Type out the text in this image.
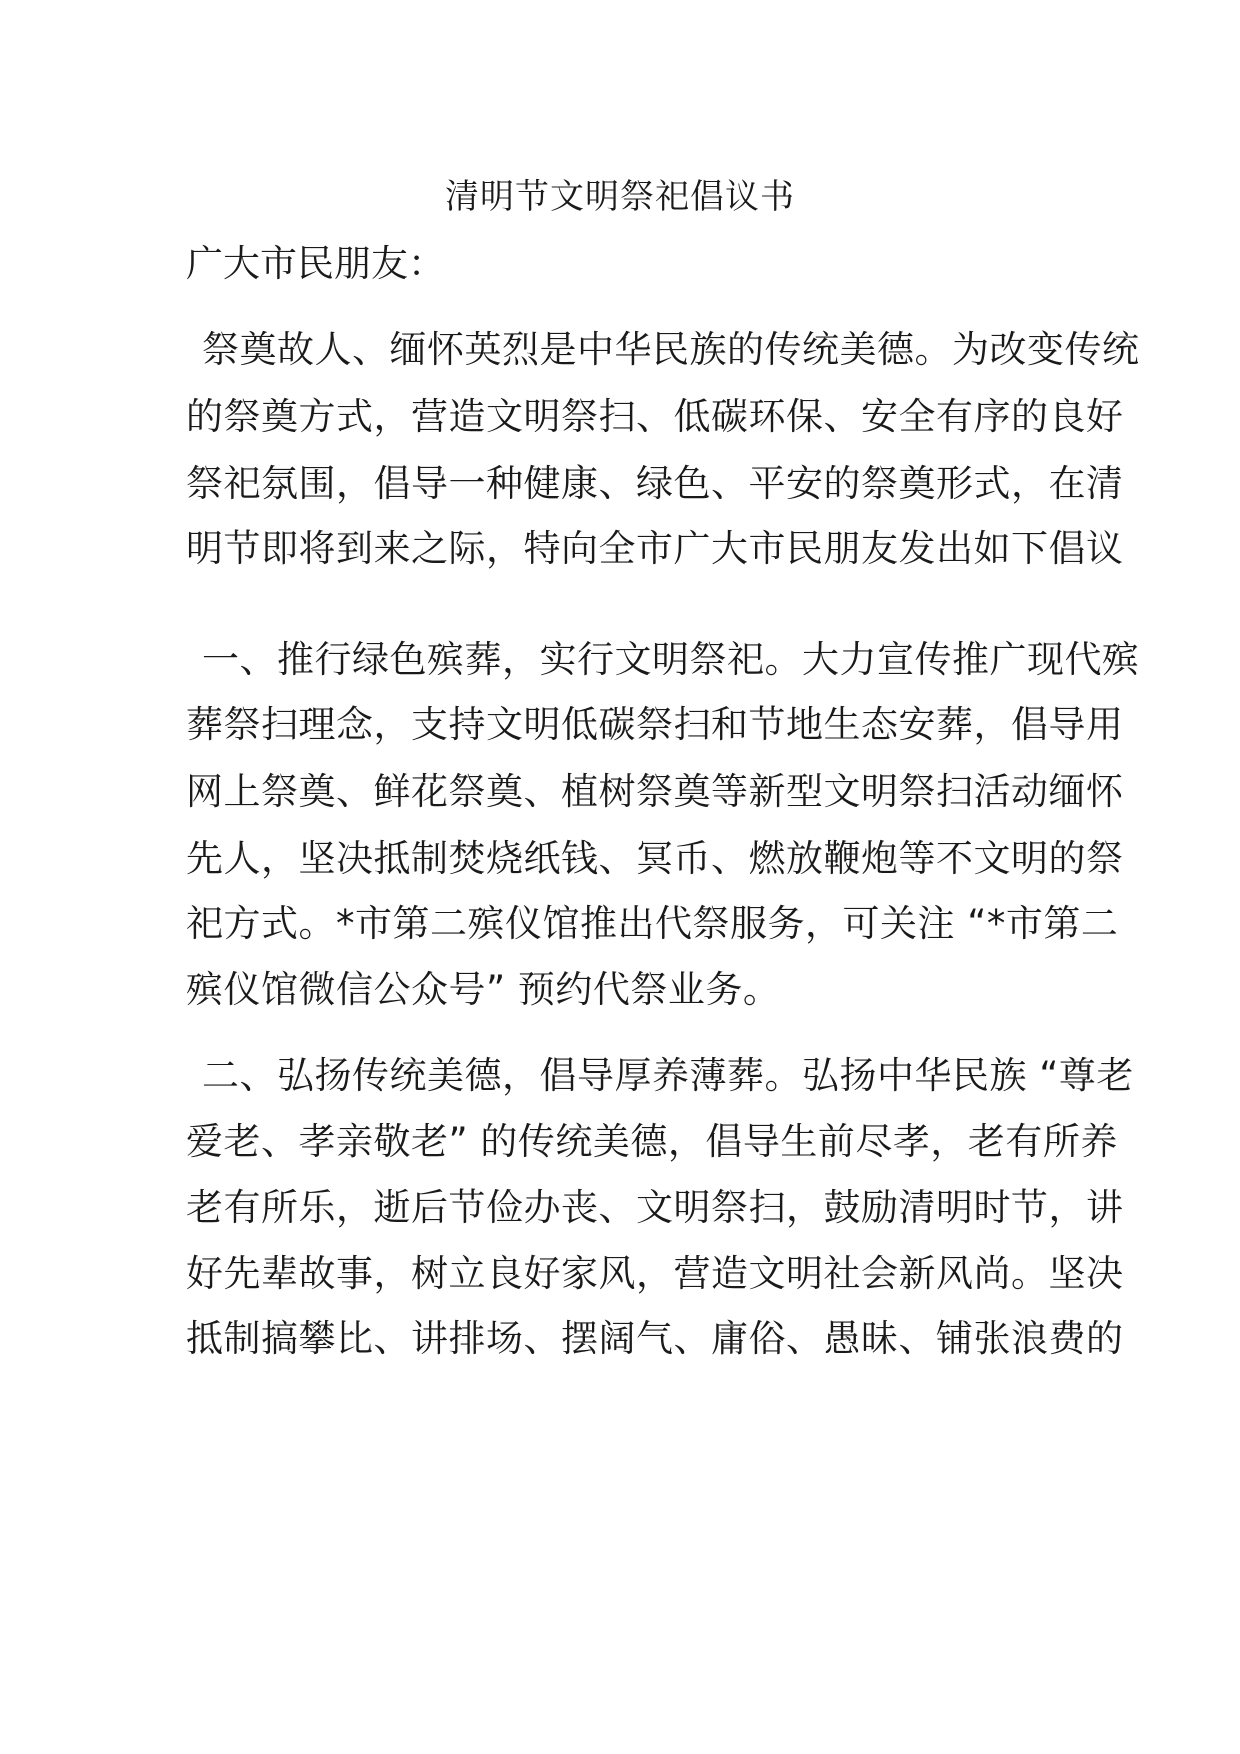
清明节文明祭祀倡议书

广大市民朋友：

祭奠故人、缅怀英烈是中华民族的传统美德。为改变传统

的祭奠方式，营造文明祭扫、低碳环保、安全有序的良好

祭祀氛围，倡导一种健康、绿色、平安的祭奠形式，在清

明节即将到来之际，特向全市广大市民朋友发出如下倡议

一、推行绿色殡葬，实行文明祭祀。大力宣传推广现代殡

葬祭扫理念，支持文明低碳祭扫和节地生态安葬，倡导用

网上祭奠、鲜花祭奠、植树祭奠等新型文明祭扫活动缅怀

先人，坚决抵制焚烧纸钱、冥币、燃放鞭炮等不文明的祭

祀方式。*市第二殡仪馆推出代祭服务，可关注 “*市第二

殡仪馆微信公众号” 预约代祭业务。

二、弘扬传统美德，倡导厚养薄葬。弘扬中华民族 “尊老

爱老、孝亲敬老” 的传统美德，倡导生前尽孝，老有所养

老有所乐，逝后节俭办丧、文明祭扫，鼓励清明时节，讲

好先辈故事，树立良好家风，营造文明社会新风尚。坚决

抵制搞攀比、讲排场、摆阔气、庸俗、愚昧、铺张浪费的
